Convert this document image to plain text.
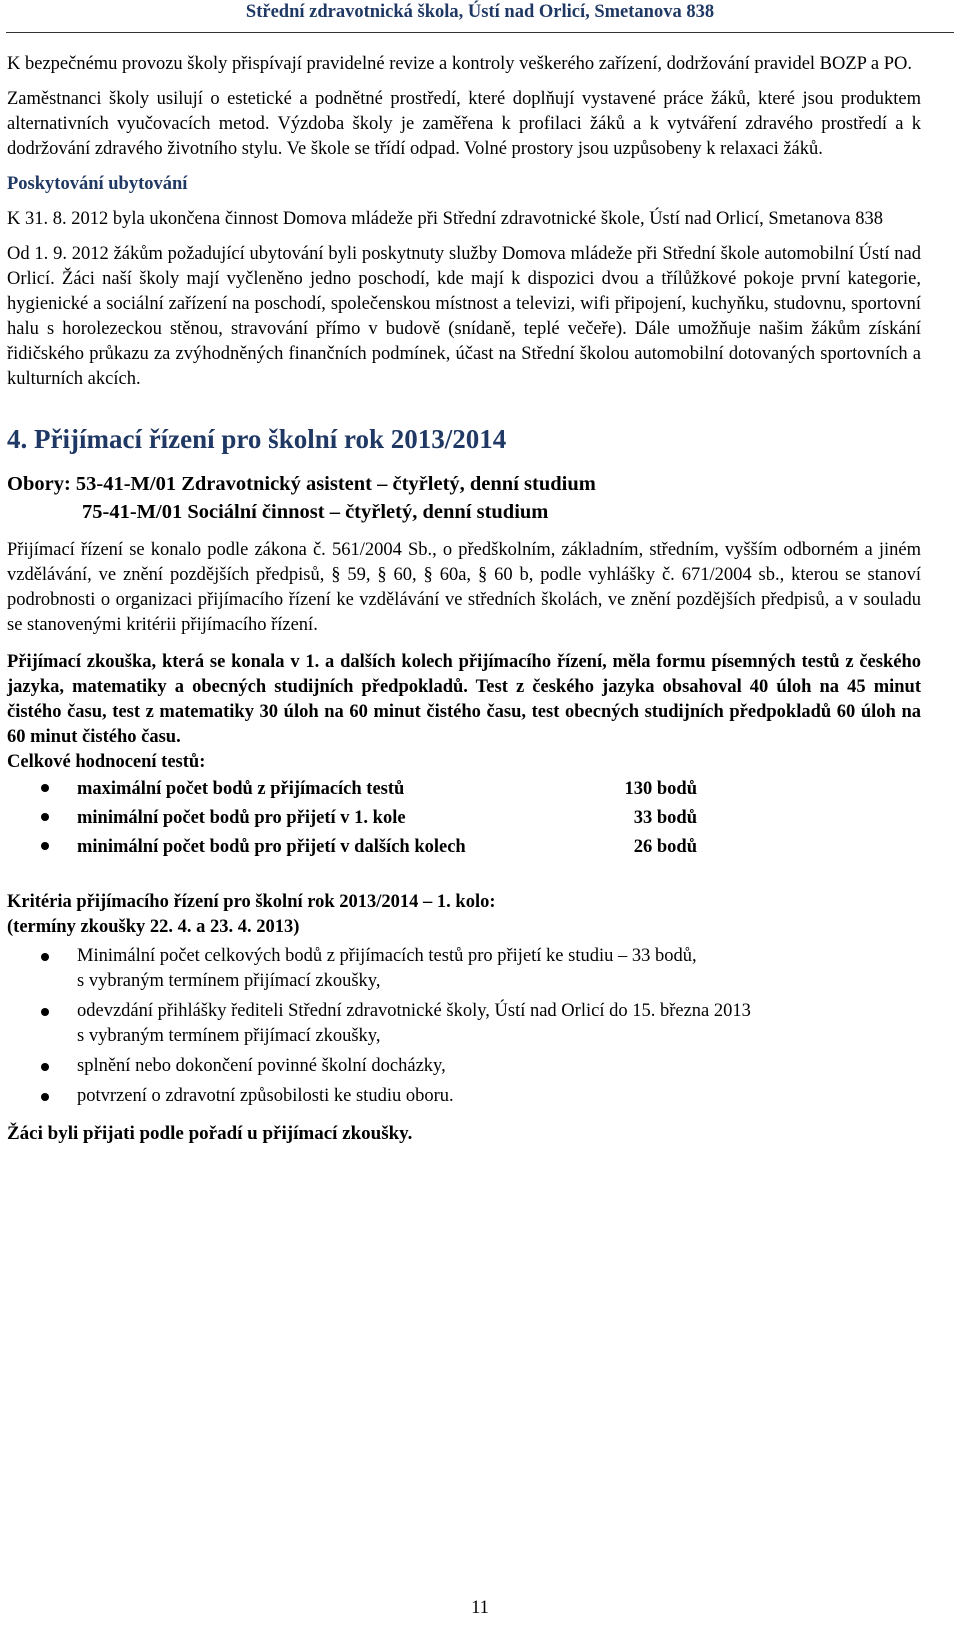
Střední zdravotnická škola, Ústí nad Orlicí, Smetanova 838

K bezpečnému provozu školy přispívají pravidelné revize a kontroly veškerého zařízení, dodržování pravidel BOZP a PO.

Zaměstnanci školy usilují o estetické a podnětné prostředí, které doplňují vystavené práce žáků, které jsou produktem alternativních vyučovacích metod. Výzdoba školy je zaměřena k profilaci žáků a k vytváření zdravého prostředí a k dodržování zdravého životního stylu. Ve škole se třídí odpad. Volné prostory jsou uzpůsobeny k relaxaci žáků.

Poskytování ubytování

K 31. 8. 2012 byla ukončena činnost Domova mládeže při Střední zdravotnické škole, Ústí nad Orlicí, Smetanova 838

Od 1. 9. 2012 žákům požadující ubytování byli poskytnuty služby Domova mládeže při Střední škole automobilní Ústí nad Orlicí. Žáci naší školy mají vyčleněno jedno poschodí, kde mají k dispozici dvou a třílůžkové pokoje první kategorie, hygienické a sociální zařízení na poschodí, společenskou místnost a televizi, wifi připojení, kuchyňku, studovnu, sportovní halu s horolezeckou stěnou, stravování přímo v budově (snídaně, teplé večeře). Dále umožňuje našim žákům získání řidičského průkazu za zvýhodněných finančních podmínek, účast na Střední školou automobilní dotovaných sportovních a kulturních akcích.

4. Přijímací řízení pro školní rok 2013/2014
Obory: 53-41-M/01 Zdravotnický asistent – čtyřletý, denní studium
75-41-M/01 Sociální činnost – čtyřletý, denní studium

Přijímací řízení se konalo podle zákona č. 561/2004 Sb., o předškolním, základním, středním, vyšším odborném a jiném vzdělávání, ve znění pozdějších předpisů, § 59, § 60, § 60a, § 60 b, podle vyhlášky č. 671/2004 sb., kterou se stanoví podrobnosti o organizaci přijímacího řízení ke vzdělávání ve středních školách, ve znění pozdějších předpisů, a v souladu se stanovenými kritérii přijímacího řízení.

Přijímací zkouška, která se konala v 1. a dalších kolech přijímacího řízení, měla formu písemných testů z českého jazyka, matematiky a obecných studijních předpokladů. Test z českého jazyka obsahoval 40 úloh na 45 minut čistého času, test z matematiky 30 úloh na 60 minut čistého času, test obecných studijních předpokladů 60 úloh na 60 minut čistého času.

Celkové hodnocení testů:
maximální počet bodů z přijímacích testů	130 bodů
minimální počet bodů pro přijetí v 1. kole	33 bodů
minimální počet bodů pro přijetí v dalších kolech	26 bodů
Kritéria přijímacího řízení pro školní rok 2013/2014 – 1. kolo:
(termíny zkoušky 22. 4. a 23. 4. 2013)
Minimální počet celkových bodů z přijímacích testů pro přijetí ke studiu – 33 bodů,
s vybraným termínem přijímací zkoušky,
odevzdání přihlášky řediteli Střední zdravotnické školy, Ústí nad Orlicí do 15. března 2013
s vybraným termínem přijímací zkoušky,
splnění nebo dokončení povinné školní docházky,
potvrzení o zdravotní způsobilosti ke studiu oboru.
Žáci byli přijati podle pořadí u přijímací zkoušky.
11
